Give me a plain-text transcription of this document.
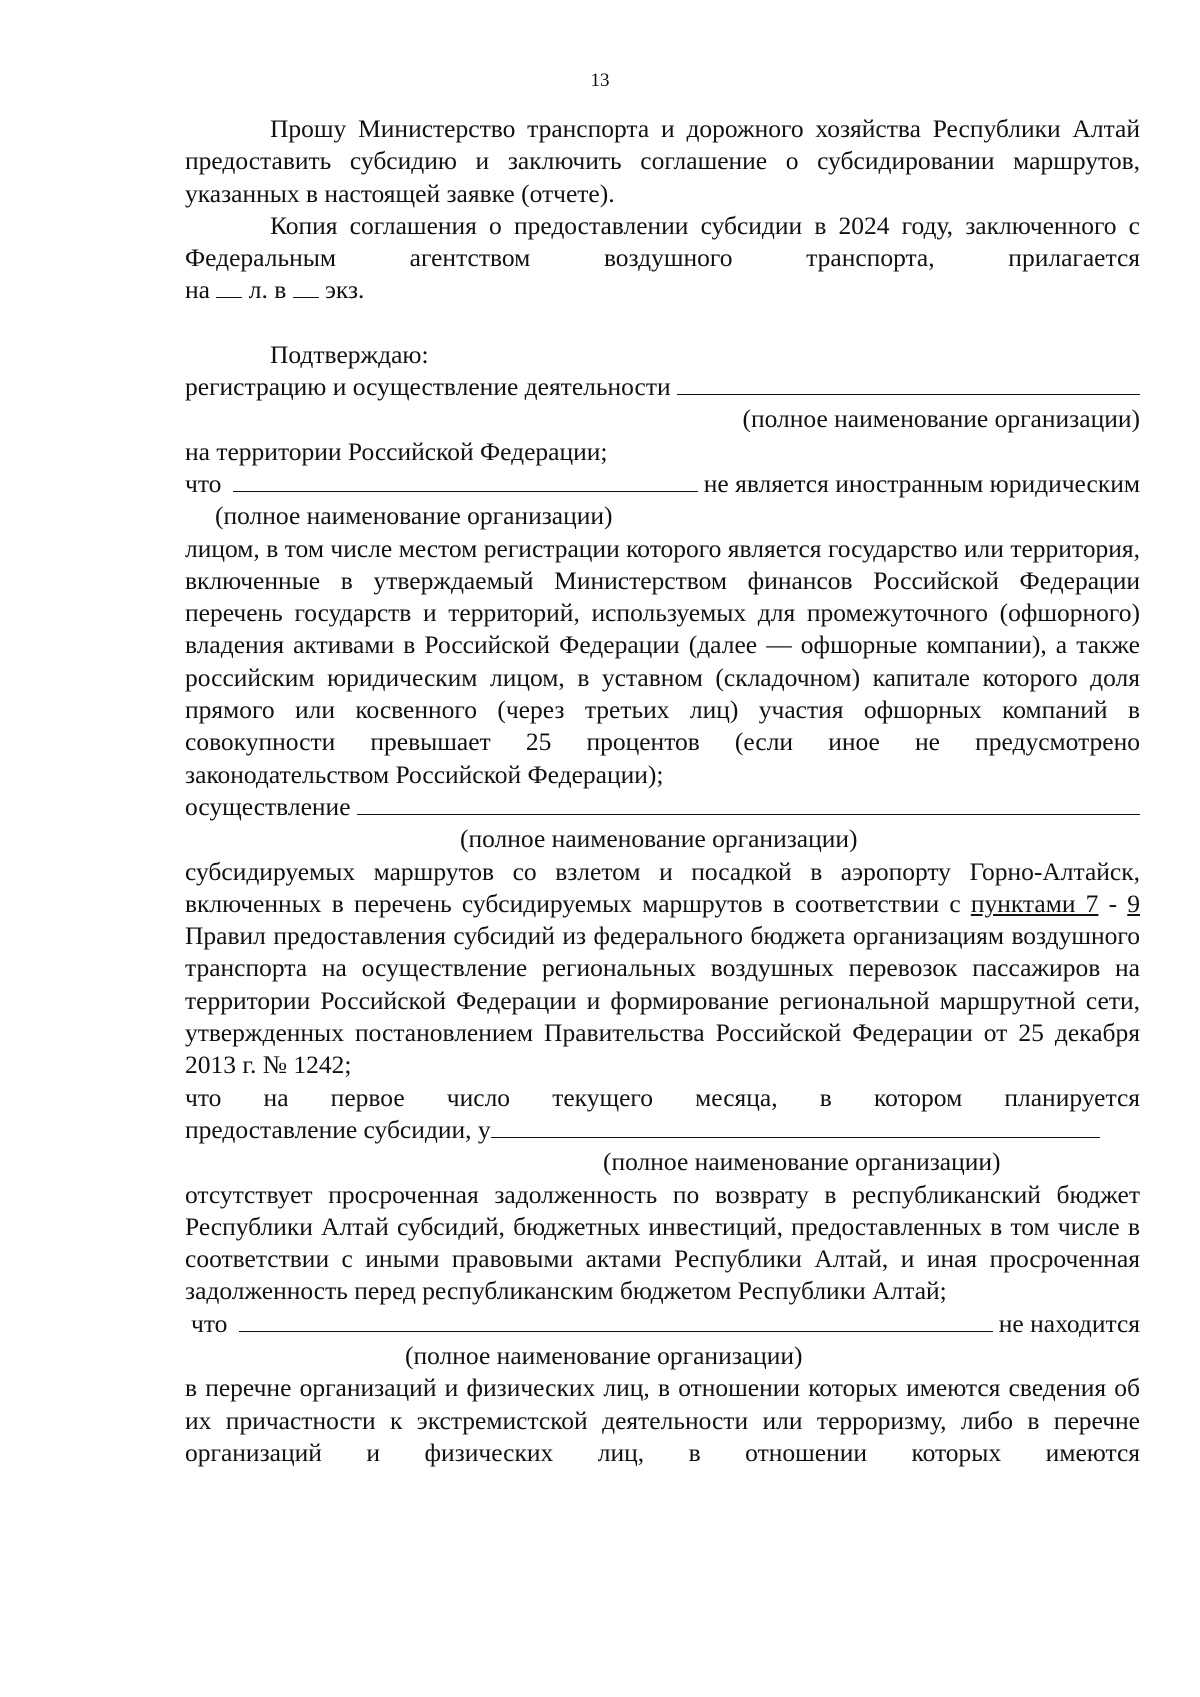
13

Прошу Министерство транспорта и дорожного хозяйства Республики Алтай предоставить субсидию и заключить соглашение о субсидировании маршрутов, указанных в настоящей заявке (отчете).

Копия соглашения о предоставлении субсидии в 2024 году, заключенного с Федеральным агентством воздушного транспорта, прилагается

на л. в экз.

Подтверждаю:

регистрацию и осуществление деятельности

(полное наименование организации)

на территории Российской Федерации;

что	не является иностранным юридическим

(полное наименование организации)

лицом, в том числе местом регистрации которого является государство или территория, включенные в утверждаемый Министерством финансов Российской Федерации перечень государств и территорий, используемых для промежуточного (офшорного) владения активами в Российской Федерации (далее — офшорные компании), а также российским юридическим лицом, в уставном (складочном) капитале которого доля прямого или косвенного (через третьих лиц) участия офшорных компаний в совокупности превышает 25 процентов (если иное не предусмотрено законодательством Российской Федерации);

осуществление

(полное наименование организации)

субсидируемых маршрутов со взлетом и посадкой в аэропорту Горно-Алтайск, включенных в перечень субсидируемых маршрутов в соответствии с пунктами 7 - 9 Правил предоставления субсидий из федерального бюджета организациям воздушного транспорта на осуществление региональных воздушных перевозок пассажиров на территории Российской Федерации и формирование региональной маршрутной сети, утвержденных постановлением Правительства Российской Федерации от 25 декабря 2013 г. № 1242;

что на первое число текущего месяца, в котором планируется

предоставление субсидии, у

(полное наименование организации)

отсутствует просроченная задолженность по возврату в республиканский бюджет Республики Алтай субсидий, бюджетных инвестиций, предоставленных в том числе в соответствии с иными правовыми актами Республики Алтай, и иная просроченная задолженность перед республиканским бюджетом Республики Алтай;

что	не находится

(полное наименование организации)

в перечне организаций и физических лиц, в отношении которых имеются сведения об их причастности к экстремистской деятельности или терроризму, либо в перечне организаций и физических лиц, в отношении которых имеются
